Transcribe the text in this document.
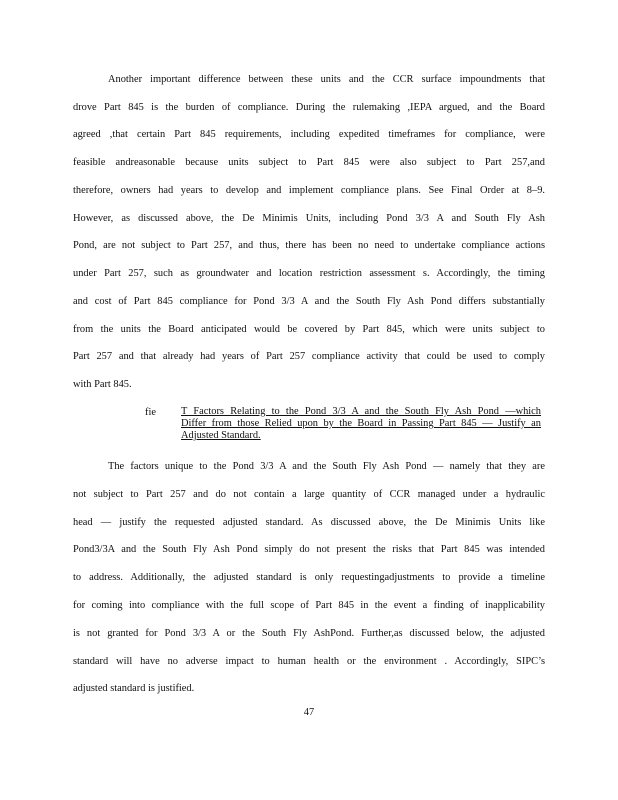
Another important difference between these units and the CCR surface impoundments that
drove Part 845 is the burden of compliance. During the rulemaking ,IEPA argued, and the Board
agreed ,that certain Part 845 requirements, including expedited timeframes for compliance, were
feasible andreasonable because units subject to Part 845 were also subject to Part 257,and
therefore, owners had years to develop and implement compliance plans. See Final Order at 8–9.
However, as discussed above, the De Minimis Units, including Pond 3/3 A and South Fly Ash
Pond, are not subject to Part 257, and thus, there has been no need to undertake compliance actions
under Part 257, such as groundwater and location restriction assessment s. Accordingly, the timing
and cost of Part 845 compliance for Pond 3/3 A and the South Fly Ash Pond differs substantially
from the units the Board anticipated would be covered by Part 845, which were units subject to
Part 257 and that already had years of Part 257 compliance activity that could be used to comply
with Part 845.
fie T Factors Relating to the Pond 3/3 A and the South Fly Ash Pond —which
Differ from those Relied upon by the Board in Passing Part 845 — Justify an
Adjusted Standard.
The factors unique to the Pond 3/3 A and the South Fly Ash Pond — namely that they are
not subject to Part 257 and do not contain a large quantity of CCR managed under a hydraulic
head — justify the requested adjusted standard. As discussed above, the De Minimis Units like
Pond3/3A and the South Fly Ash Pond simply do not present the risks that Part 845 was intended
to address. Additionally, the adjusted standard is only requestingadjustments to provide a timeline
for coming into compliance with the full scope of Part 845 in the event a finding of inapplicability
is not granted for Pond 3/3 A or the South Fly AshPond. Further,as discussed below, the adjusted
standard will have no adverse impact to human health or the environment . Accordingly, SIPC’s
adjusted standard is justified.
47
